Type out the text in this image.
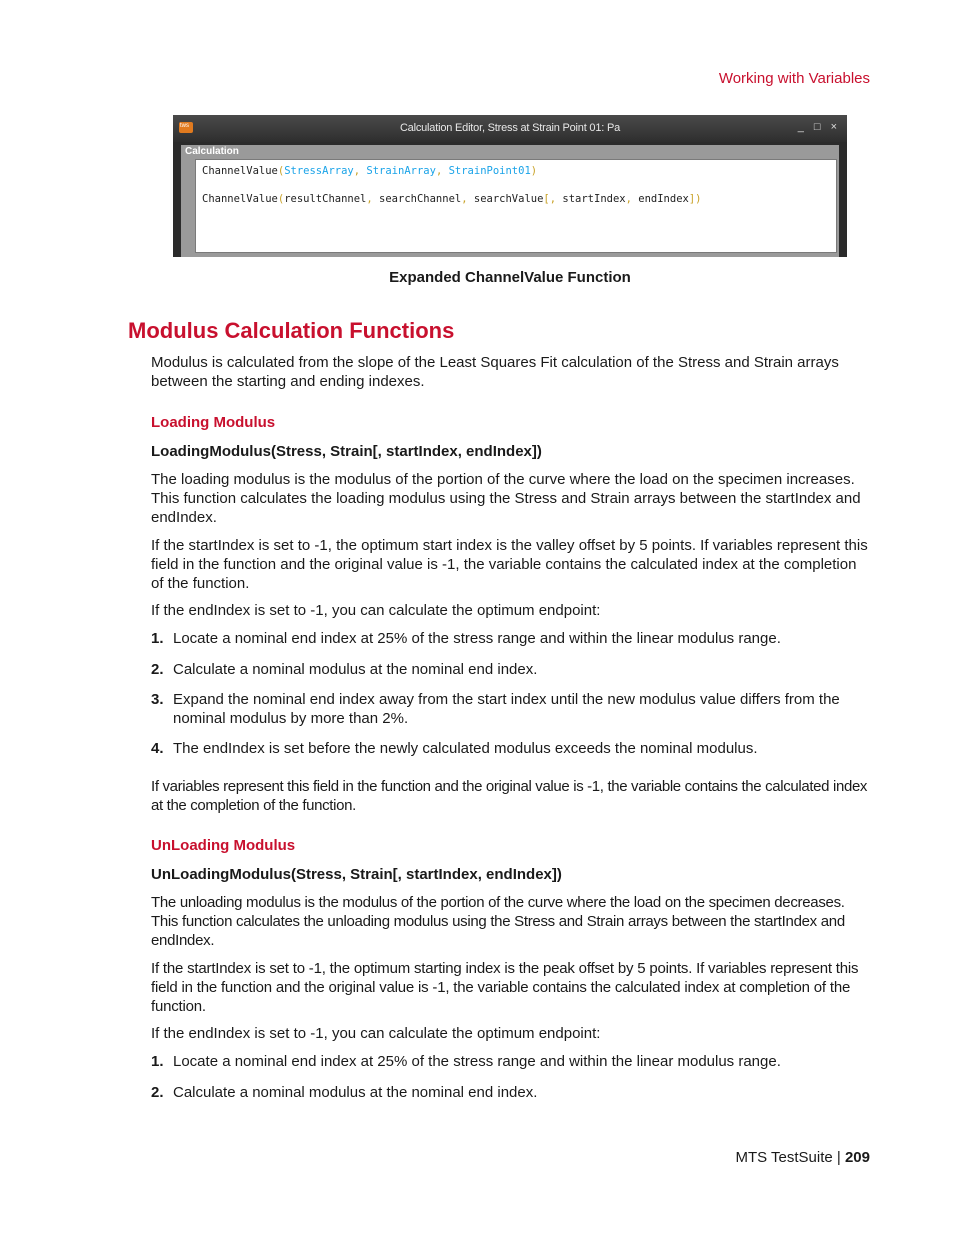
Working with Variables
tws	Calculation Editor, Stress at Strain Point 01: Pa	_ □ ×
Calculation
ChannelValue(StressArray, StrainArray, StrainPoint01)
ChannelValue(resultChannel, searchChannel, searchValue[, startIndex, endIndex])
Expanded ChannelValue Function
Modulus Calculation Functions
Modulus is calculated from the slope of the Least Squares Fit calculation of the Stress and Strain arrays between the starting and ending indexes.
Loading Modulus
LoadingModulus(Stress, Strain[, startIndex, endIndex])
The loading modulus is the modulus of the portion of the curve where the load on the specimen increases. This function calculates the loading modulus using the Stress and Strain arrays between the startIndex and endIndex.
If the startIndex is set to -1, the optimum start index is the valley offset by 5 points. If variables represent this field in the function and the original value is -1, the variable contains the calculated index at the completion of the function.
If the endIndex is set to -1, you can calculate the optimum endpoint:
1. Locate a nominal end index at 25% of the stress range and within the linear modulus range.
2. Calculate a nominal modulus at the nominal end index.
3. Expand the nominal end index away from the start index until the new modulus value differs from the nominal modulus by more than 2%.
4. The endIndex is set before the newly calculated modulus exceeds the nominal modulus.
If variables represent this field in the function and the original value is -1, the variable contains the calculated index at the completion of the function.
UnLoading Modulus
UnLoadingModulus(Stress, Strain[, startIndex, endIndex])
The unloading modulus is the modulus of the portion of the curve where the load on the specimen decreases. This function calculates the unloading modulus using the Stress and Strain arrays between the startIndex and endIndex.
If the startIndex is set to -1, the optimum starting index is the peak offset by 5 points. If variables represent this field in the function and the original value is -1, the variable contains the calculated index at completion of the function.
If the endIndex is set to -1, you can calculate the optimum endpoint:
1. Locate a nominal end index at 25% of the stress range and within the linear modulus range.
2. Calculate a nominal modulus at the nominal end index.
MTS TestSuite | 209
